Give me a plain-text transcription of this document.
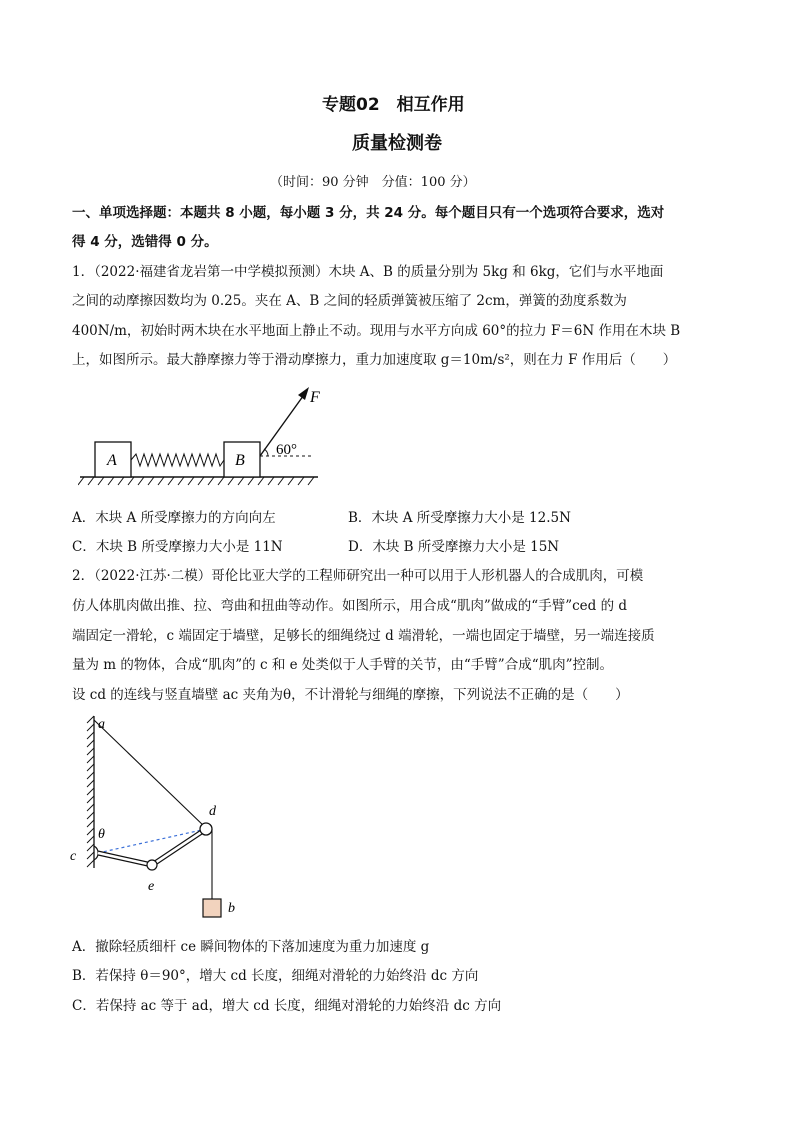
专题02　相互作用
质量检测卷
（时间：90 分钟　分值：100 分）
一、单项选择题：本题共 8 小题，每小题 3 分，共 24 分。每个题目只有一个选项符合要求，选对
得 4 分，选错得 0 分。
1．（2022·福建省龙岩第一中学模拟预测）木块 A、B 的质量分别为 5kg 和 6kg，它们与水平地面
之间的动摩擦因数均为 0.25。夹在 A、B 之间的轻质弹簧被压缩了 2cm，弹簧的劲度系数为
400N/m，初始时两木块在水平地面上静止不动。现用与水平方向成 60°的拉力 F＝6N 作用在木块 B
上，如图所示。最大静摩擦力等于滑动摩擦力，重力加速度取 g＝10m/s²，则在力 F 作用后（　　）
A	B
F
60°
A．木块 A 所受摩擦力的方向向左	B．木块 A 所受摩擦力大小是 12.5N
C．木块 B 所受摩擦力大小是 11N	D．木块 B 所受摩擦力大小是 15N
2．（2022·江苏·二模）哥伦比亚大学的工程师研究出一种可以用于人形机器人的合成肌肉，可模
仿人体肌肉做出推、拉、弯曲和扭曲等动作。如图所示，用合成“肌肉”做成的“手臂”ced 的 d
端固定一滑轮，c 端固定于墙壁，足够长的细绳绕过 d 端滑轮，一端也固定于墙壁，另一端连接质
量为 m 的物体，合成“肌肉”的 c 和 e 处类似于人手臂的关节，由“手臂”合成“肌肉”控制。
设 cd 的连线与竖直墙壁 ac 夹角为θ，不计滑轮与细绳的摩擦，下列说法不正确的是（　　）
a
c
e
d
θ
b
A．撤除轻质细杆 ce 瞬间物体的下落加速度为重力加速度 g
B．若保持 θ＝90°，增大 cd 长度，细绳对滑轮的力始终沿 dc 方向
C．若保持 ac 等于 ad，增大 cd 长度，细绳对滑轮的力始终沿 dc 方向
